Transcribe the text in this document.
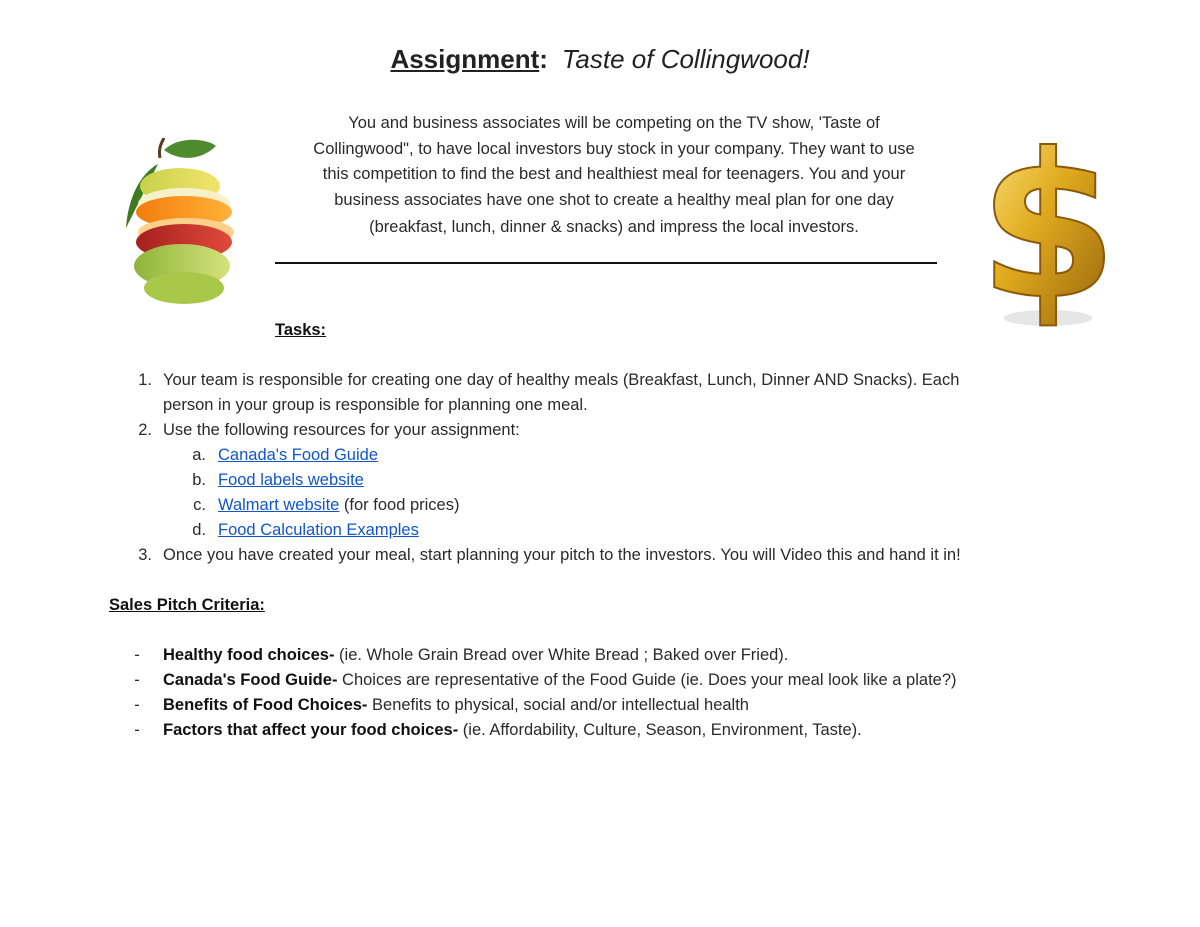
Assignment: Taste of Collingwood!
You and business associates will be competing on the TV show, 'Taste of
Collingwood", to have local investors buy stock in your company. They want to use
this competition to find the best and healthiest meal for teenagers. You and your
business associates have one shot to create a healthy meal plan for one day
(breakfast, lunch, dinner & snacks) and impress the local investors. $
Tasks:
1. Your team is responsible for creating one day of healthy meals (Breakfast, Lunch, Dinner AND Snacks). Each
person in your group is responsible for planning one meal.
2. Use the following resources for your assignment:
a. Canada's Food Guide
b. Food labels website
c. Walmart website (for food prices)
d. Food Calculation Examples
3. Once you have created your meal, start planning your pitch to the investors. You will Video this and hand it in!
Sales Pitch Criteria:
- Healthy food choices- (ie. Whole Grain Bread over White Bread ; Baked over Fried).
- Canada's Food Guide- Choices are representative of the Food Guide (ie. Does your meal look like a plate?)
- Benefits of Food Choices- Benefits to physical, social and/or intellectual health
- Factors that affect your food choices- (ie. Affordability, Culture, Season, Environment, Taste).
